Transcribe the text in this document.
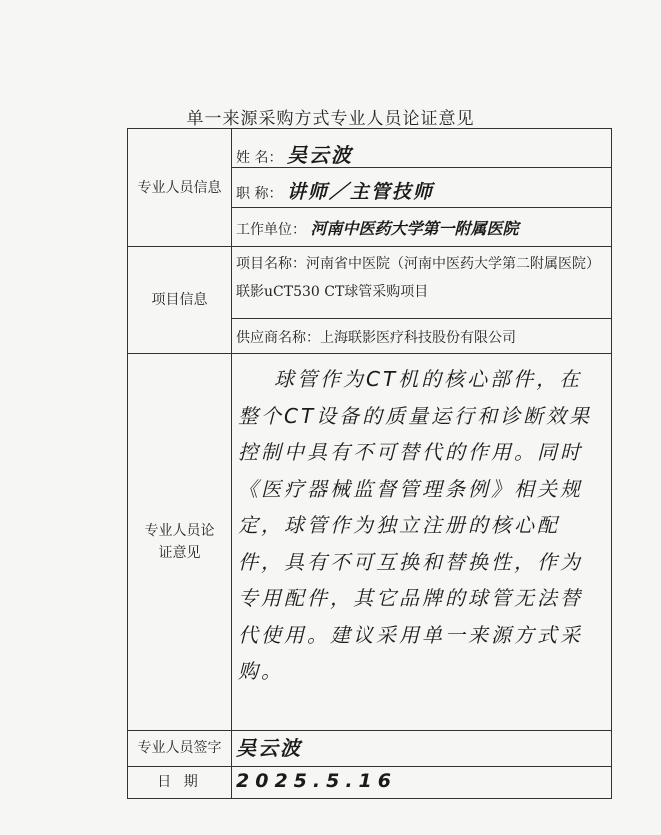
单一来源采购方式专业人员论证意见
专业人员信息
姓 名： 吴云波
职 称： 讲师／主管技师
工作单位： 河南中医药大学第一附属医院
项目信息
项目名称：河南省中医院（河南中医药大学第二附属医院）联影uCT530 CT球管采购项目
供应商名称：上海联影医疗科技股份有限公司
专业人员论证意见
球管作为CT机的核心部件，在整个CT设备的质量运行和诊断效果控制中具有不可替代的作用。同时《医疗器械监督管理条例》相关规定，球管作为独立注册的核心配件，具有不可互换和替换性，作为专用配件，其它品牌的球管无法替代使用。建议采用单一来源方式采购。
专业人员签字 吴云波
日 期	2025.5.16
